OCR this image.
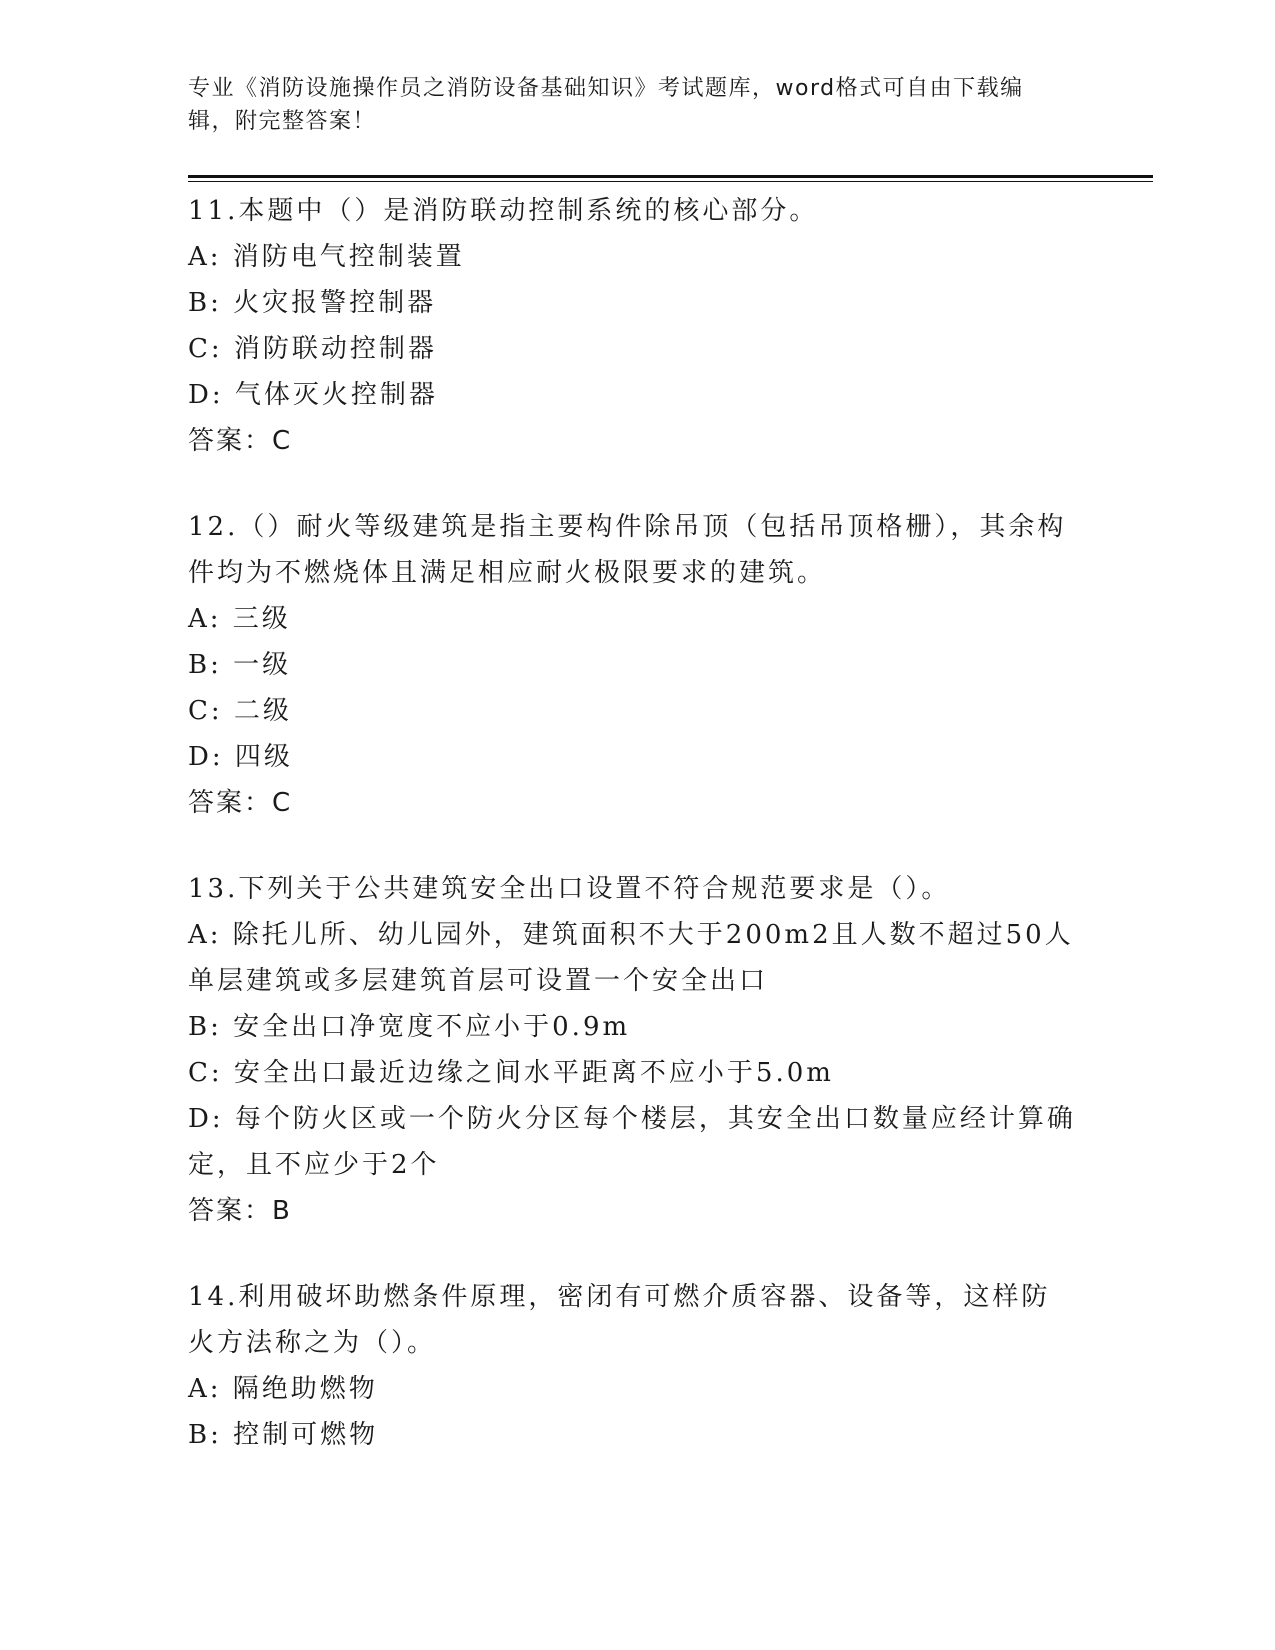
专业《消防设施操作员之消防设备基础知识》考试题库，word格式可自由下载编辑，附完整答案！
11.本题中（）是消防联动控制系统的核心部分。
A: 消防电气控制装置
B: 火灾报警控制器
C: 消防联动控制器
D: 气体灭火控制器
答案：C
12.（）耐火等级建筑是指主要构件除吊顶（包括吊顶格栅），其余构件均为不燃烧体且满足相应耐火极限要求的建筑。
A: 三级
B: 一级
C: 二级
D: 四级
答案：C
13.下列关于公共建筑安全出口设置不符合规范要求是（）。
A: 除托儿所、幼儿园外，建筑面积不大于200m2且人数不超过50人单层建筑或多层建筑首层可设置一个安全出口
B: 安全出口净宽度不应小于0.9m
C: 安全出口最近边缘之间水平距离不应小于5.0m
D: 每个防火区或一个防火分区每个楼层，其安全出口数量应经计算确定，且不应少于2个
答案：B
14.利用破坏助燃条件原理，密闭有可燃介质容器、设备等，这样防火方法称之为（）。
A: 隔绝助燃物
B: 控制可燃物
